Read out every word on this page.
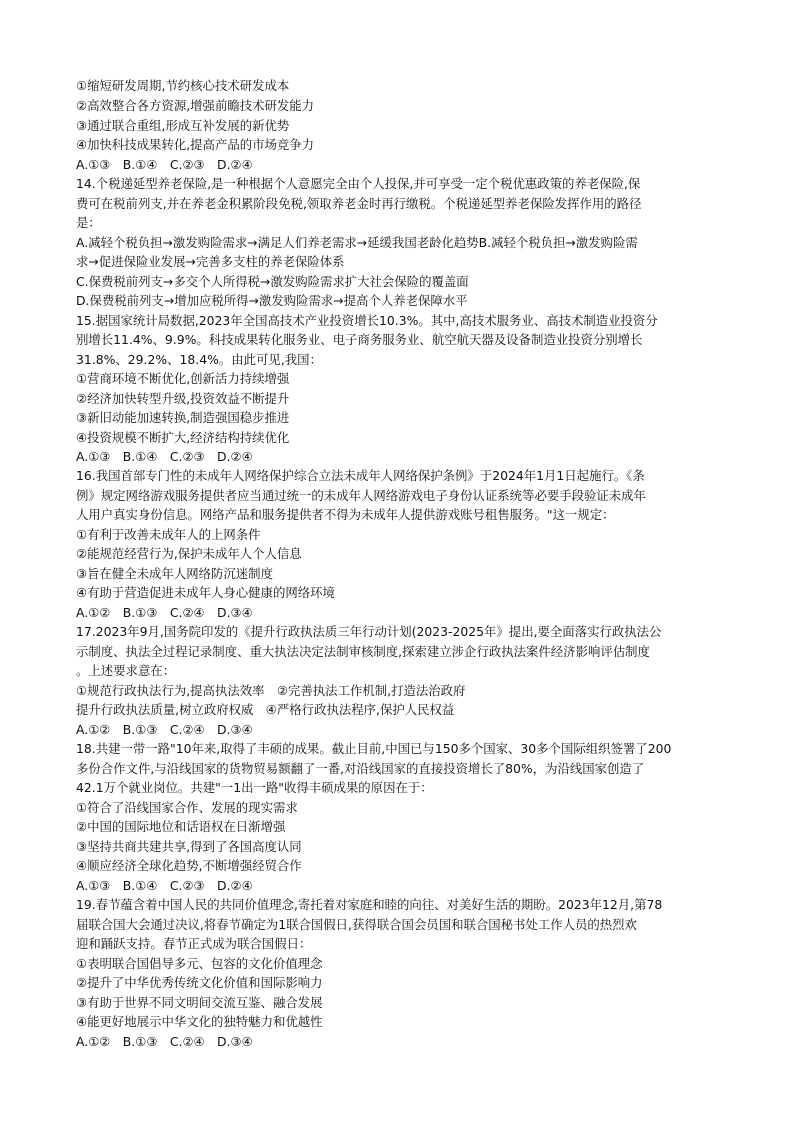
①缩短研发周期,节约核心技术研发成本
②高效整合各方资源,增强前瞻技术研发能力
③通过联合重组,形成互补发展的新优势
④加快科技成果转化,提高产品的市场竞争力
A.①③　B.①④　C.②③　D.②④
14.个税递延型养老保险,是一种根据个人意愿完全由个人投保,并可享受一定个税优惠政策的养老保险,保
费可在税前列支,并在养老金积累阶段免税,领取养老金时再行缴税。个税递延型养老保险发挥作用的路径
是：
A.减轻个税负担→激发购险需求→满足人们养老需求→延缓我国老龄化趋势B.减轻个税负担→激发购险需
求→促进保险业发展→完善多支柱的养老保险体系
C.保费税前列支→多交个人所得税→激发购险需求扩大社会保险的覆盖面
D.保费税前列支→增加应税所得→激发购险需求→提高个人养老保障水平
15.据国家统计局数据,2023年全国高技术产业投资增长10.3%。其中,高技术服务业、高技术制造业投资分
别增长11.4%、9.9%。科技成果转化服务业、电子商务服务业、航空航天器及设备制造业投资分别增长
31.8%、29.2%、18.4%。由此可见,我国：
①营商环境不断优化,创新活力持续增强
②经济加快转型升级,投资效益不断提升
③新旧动能加速转换,制造强国稳步推进
④投资规模不断扩大,经济结构持续优化
A.①③　B.①④　C.②③　D.②④
16.我国首部专门性的未成年人网络保护综合立法未成年人网络保护条例》于2024年1月1日起施行。《条
例》规定网络游戏服务提供者应当通过统一的未成年人网络游戏电子身份认证系统等必要手段验证未成年
人用户真实身份信息。网络产品和服务提供者不得为未成年人提供游戏账号租售服务。"这一规定：
①有利于改善未成年人的上网条件
②能规范经营行为,保护未成年人个人信息
③旨在健全未成年人网络防沉迷制度
④有助于营造促进未成年人身心健康的网络环境
A.①②　B.①③　C.②④　D.③④
17.2023年9月,国务院印发的《提升行政执法质三年行动计划(2023-2025年》提出,要全面落实行政执法公
示制度、执法全过程记录制度、重大执法决定法制审核制度,探索建立涉企行政执法案件经济影响评估制度
。上述要求意在：
①规范行政执法行为,提高执法效率　②完善执法工作机制,打造法治政府
提升行政执法质量,树立政府权威　④严格行政执法程序,保护人民权益
A.①②　B.①③　C.②④　D.③④
18.共建一带一路"10年来,取得了丰硕的成果。截止目前,中国已与150多个国家、30多个国际组织签署了200
多份合作文件,与沿线国家的货物贸易额翻了一番,对沿线国家的直接投资增长了80%，为沿线国家创造了
42.1万个就业岗位。共建"一1出一路"收得丰硕成果的原因在于：
①符合了沿线国家合作、发展的现实需求
②中国的国际地位和话语权在日渐增强
③坚持共商共建共享,得到了各国高度认同
④顺应经济全球化趋势,不断增强经贸合作
A.①③　B.①④　C.②③　D.②④
19.春节蕴含着中国人民的共同价值理念,寄托着对家庭和睦的向往、对美好生活的期盼。2023年12月,第78
届联合国大会通过决议,将春节确定为1联合国假日,获得联合国会员国和联合国秘书处工作人员的热烈欢
迎和踊跃支持。春节正式成为联合国假日：
①表明联合国倡导多元、包容的文化价值理念
②提升了中华优秀传统文化价值和国际影响力
③有助于世界不同文明间交流互鉴、融合发展
④能更好地展示中华文化的独特魅力和优越性
A.①②　B.①③　C.②④　D.③④
